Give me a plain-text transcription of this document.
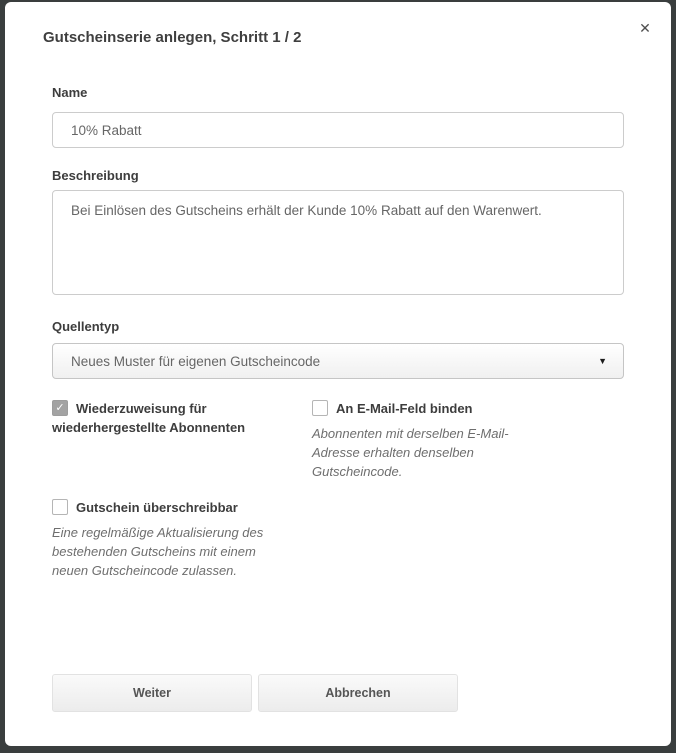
Gutscheinserie anlegen, Schritt 1 / 2
✕
Name
10% Rabatt
Beschreibung
Bei Einlösen des Gutscheins erhält der Kunde 10% Rabatt auf den Warenwert.
Quellentyp
Neues Muster für eigenen Gutscheincode	▼
✓ Wiederzuweisung für wiederhergestellte Abonnenten
An E-Mail-Feld binden
Abonnenten mit derselben E-Mail-Adresse erhalten denselben Gutscheincode.
Gutschein überschreibbar
Eine regelmäßige Aktualisierung des bestehenden Gutscheins mit einem neuen Gutscheincode zulassen.
Weiter	Abbrechen
